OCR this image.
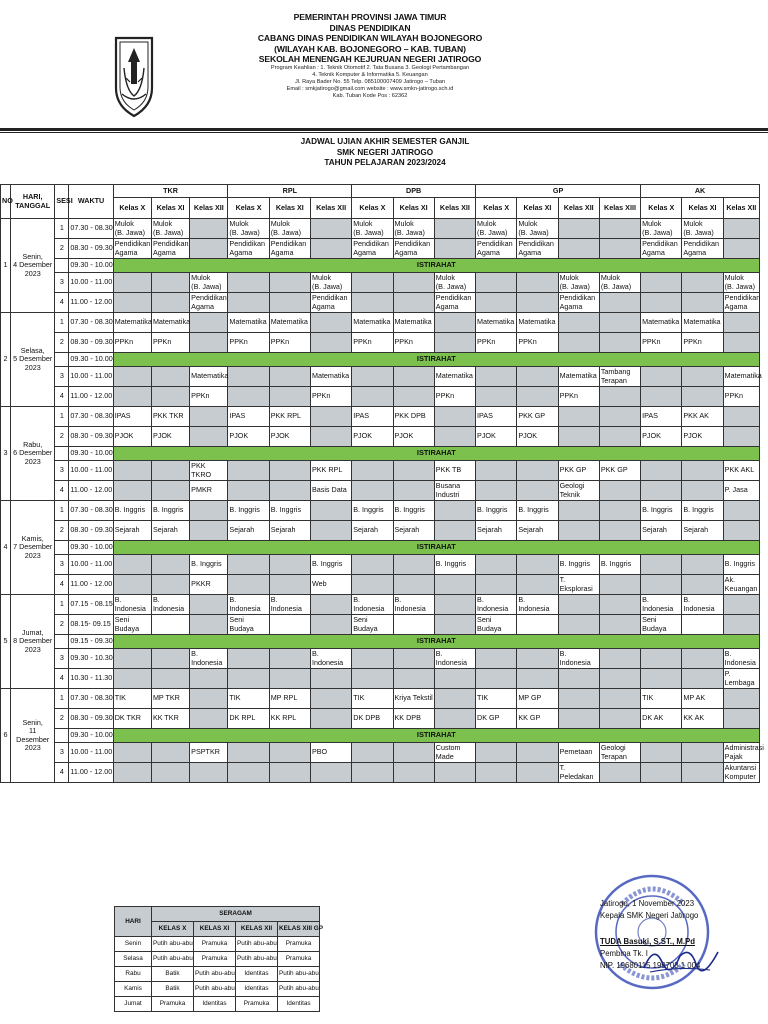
PEMERINTAH PROVINSI JAWA TIMUR
DINAS PENDIDIKAN
CABANG DINAS PENDIDIKAN WILAYAH BOJONEGORO
(WILAYAH KAB. BOJONEGORO – KAB. TUBAN)
SEKOLAH MENENGAH KEJURUAN NEGERI JATIROGO
Program Keahlian : 1. Teknik Otomotif 2. Tata Busana 3. Geologi Pertambangan
4. Teknik Komputer & Informatika 5. Keuangan
Jl. Raya Bader No. 55 Telp. 085100007409 Jatirogo – Tuban
Email : smkjatirogo@gmail.com website : www.smkn-jatirogo.sch.id
Kab. Tuban Kode Pos : 62362
JADWAL UJIAN AKHIR SEMESTER GANJIL
SMK NEGERI JATIROGO
TAHUN PELAJARAN 2023/2024
NO	HARI, TANGGAL	SESI	WAKTU	TKR			RPL			DPB			GP				AK		
				Kelas X	Kelas XI	Kelas XII	Kelas X	Kelas XI	Kelas XII	Kelas X	Kelas XI	Kelas XII	Kelas X	Kelas XI	Kelas XII	Kelas XIII	Kelas X	Kelas XI	Kelas XII
1	Senin,
4 Desember
2023	1	07.30 - 08.30	Mulok
(B. Jawa)	Mulok
(B. Jawa)		Mulok
(B. Jawa)	Mulok
(B. Jawa)		Mulok
(B. Jawa)	Mulok
(B. Jawa)		Mulok
(B. Jawa)	Mulok
(B. Jawa)			Mulok
(B. Jawa)	Mulok
(B. Jawa)	
		2	08.30 - 09.30	Pendidikan
Agama	Pendidikan
Agama		Pendidikan
Agama	Pendidikan
Agama		Pendidikan
Agama	Pendidikan
Agama		Pendidikan
Agama	Pendidikan
Agama			Pendidikan
Agama	Pendidikan
Agama	
			09.30 - 10.00	ISTIRAHAT															
		3	10.00 - 11.00			Mulok
(B. Jawa)			Mulok
(B. Jawa)			Mulok
(B. Jawa)			Mulok
(B. Jawa)	Mulok
(B. Jawa)			Mulok
(B. Jawa)
		4	11.00 - 12.00			Pendidikan
Agama			Pendidikan
Agama			Pendidikan
Agama			Pendidikan
Agama				Pendidikan
Agama
2	Selasa,
5 Desember
2023	1	07.30 - 08.30	Matematika	Matematika		Matematika	Matematika		Matematika	Matematika		Matematika	Matematika			Matematika	Matematika	
		2	08.30 - 09.30	PPKn	PPKn		PPKn	PPKn		PPKn	PPKn		PPKn	PPKn			PPKn	PPKn	
			09.30 - 10.00	ISTIRAHAT															
		3	10.00 - 11.00			Matematika			Matematika			Matematika			Matematika	Tambang
Terapan			Matematika
		4	11.00 - 12.00			PPKn			PPKn			PPKn			PPKn				PPKn
3	Rabu,
6 Desember
2023	1	07.30 - 08.30	IPAS	PKK TKR		IPAS	PKK RPL		IPAS	PKK DPB		IPAS	PKK GP			IPAS	PKK AK	
		2	08.30 - 09.30	PJOK	PJOK		PJOK	PJOK		PJOK	PJOK		PJOK	PJOK			PJOK	PJOK	
			09.30 - 10.00	ISTIRAHAT															
		3	10.00 - 11.00			PKK TKRO			PKK RPL			PKK TB			PKK GP	PKK GP			PKK AKL
		4	11.00 - 12.00			PMKR			Basis Data			Busana
Industri			Geologi
Teknik				P. Jasa
4	Kamis,
7 Desember
2023	1	07.30 - 08.30	B. Inggris	B. Inggris		B. Inggris	B. Inggris		B. Inggris	B. Inggris		B. Inggris	B. Inggris			B. Inggris	B. Inggris	
		2	08.30 - 09.30	Sejarah	Sejarah		Sejarah	Sejarah		Sejarah	Sejarah		Sejarah	Sejarah			Sejarah	Sejarah	
			09.30 - 10.00	ISTIRAHAT															
		3	10.00 - 11.00			B. Inggris			B. Inggris			B. Inggris			B. Inggris	B. Inggris			B. Inggris
		4	11.00 - 12.00			PKKR			Web						T. Eksplorasi				Ak. Keuangan
5	Jumat,
8 Desember
2023	1	07.15 - 08.15	B. Indonesia	B. Indonesia		B. Indonesia	B. Indonesia		B. Indonesia	B. Indonesia		B. Indonesia	B. Indonesia			B. Indonesia	B. Indonesia	
		2	08.15- 09.15	Seni Budaya			Seni Budaya			Seni Budaya			Seni Budaya				Seni Budaya		
			09.15 - 09.30	ISTIRAHAT															
		3	09.30 - 10.30			B. Indonesia			B. Indonesia			B. Indonesia			B. Indonesia				B. Indonesia
		4	10.30 - 11.30																P. Lembaga
6	Senin,
11 Desember
2023	1	07.30 - 08.30	TIK	MP TKR		TIK	MP RPL		TIK	Kriya Tekstil		TIK	MP GP			TIK	MP AK	
		2	08.30 - 09.30	DK TKR	KK TKR		DK RPL	KK RPL		DK DPB	KK DPB		DK GP	KK GP			DK AK	KK AK	
			09.30 - 10.00	ISTIRAHAT															
		3	10.00 - 11.00			PSPTKR			PBO			Custom Made			Pemetaan	Geologi
Terapan			Administrasi
Pajak
		4	11.00 - 12.00												T. Peledakan				Akuntansi
Komputer
HARI	SERAGAM			
	KELAS X	KELAS XI	KELAS XII	KELAS XIII GP
Senin	Putih abu-abu	Pramuka	Putih abu-abu	Pramuka
Selasa	Putih abu-abu	Pramuka	Putih abu-abu	Pramuka
Rabu	Batik	Putih abu-abu	Identitas	Putih abu-abu
Kamis	Batik	Putih abu-abu	Identitas	Putih abu-abu
Jumat	Pramuka	Identitas	Pramuka	Identitas
Jatirogo, 1 November 2023
Kepala SMK Negeri Jatirogo
TUDA Basuki, S.ST., M.Pd
Pembina Tk. I
NIP. 19680115 199703 1 004
